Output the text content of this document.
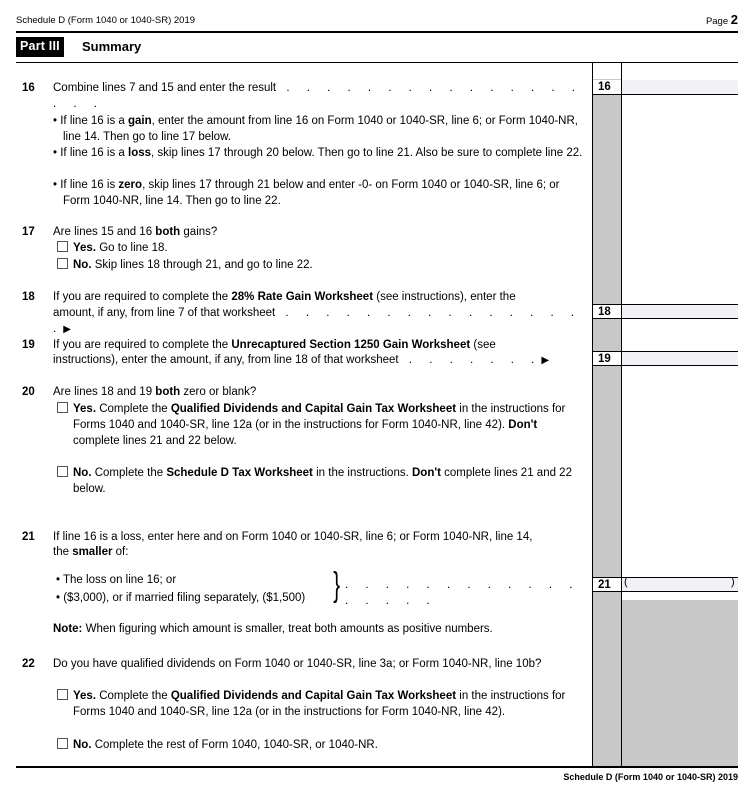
Schedule D (Form 1040 or 1040-SR) 2019	Page 2
Part III	Summary
16 Combine lines 7 and 15 and enter the result . . . . . . . . . . . . . . . . . .
16
• If line 16 is a gain, enter the amount from line 16 on Form 1040 or 1040-SR, line 6; or Form 1040-NR, line 14. Then go to line 17 below.
• If line 16 is a loss, skip lines 17 through 20 below. Then go to line 21. Also be sure to complete line 22.
• If line 16 is zero, skip lines 17 through 21 below and enter -0- on Form 1040 or 1040-SR, line 6; or Form 1040-NR, line 14. Then go to line 22.
17 Are lines 15 and 16 both gains?
Yes. Go to line 18.
No. Skip lines 18 through 21, and go to line 22.
18 If you are required to complete the 28% Rate Gain Worksheet (see instructions), enter the
amount, if any, from line 7 of that worksheet . . . . . . . . . . . . . . . .▶
18
19 If you are required to complete the Unrecaptured Section 1250 Gain Worksheet (see
instructions), enter the amount, if any, from line 18 of that worksheet . . . . . . .▶	19
20 Are lines 18 and 19 both zero or blank?
Yes. Complete the Qualified Dividends and Capital Gain Tax Worksheet in the instructions for Forms 1040 and 1040-SR, line 12a (or in the instructions for Form 1040-NR, line 42). Don't complete lines 21 and 22 below.
No. Complete the Schedule D Tax Worksheet in the instructions. Don't complete lines 21 and 22 below.
21 If line 16 is a loss, enter here and on Form 1040 or 1040-SR, line 6; or Form 1040-NR, line 14,
the smaller of:
• The loss on line 16; or
• ($3,000), or if married filing separately, ($1,500) } . . . . . . . . . . . . . . . . .
21	(	)
Note: When figuring which amount is smaller, treat both amounts as positive numbers.
22 Do you have qualified dividends on Form 1040 or 1040-SR, line 3a; or Form 1040-NR, line 10b?
Yes. Complete the Qualified Dividends and Capital Gain Tax Worksheet in the instructions for Forms 1040 and 1040-SR, line 12a (or in the instructions for Form 1040-NR, line 42).
No. Complete the rest of Form 1040, 1040-SR, or 1040-NR.
Schedule D (Form 1040 or 1040-SR) 2019
